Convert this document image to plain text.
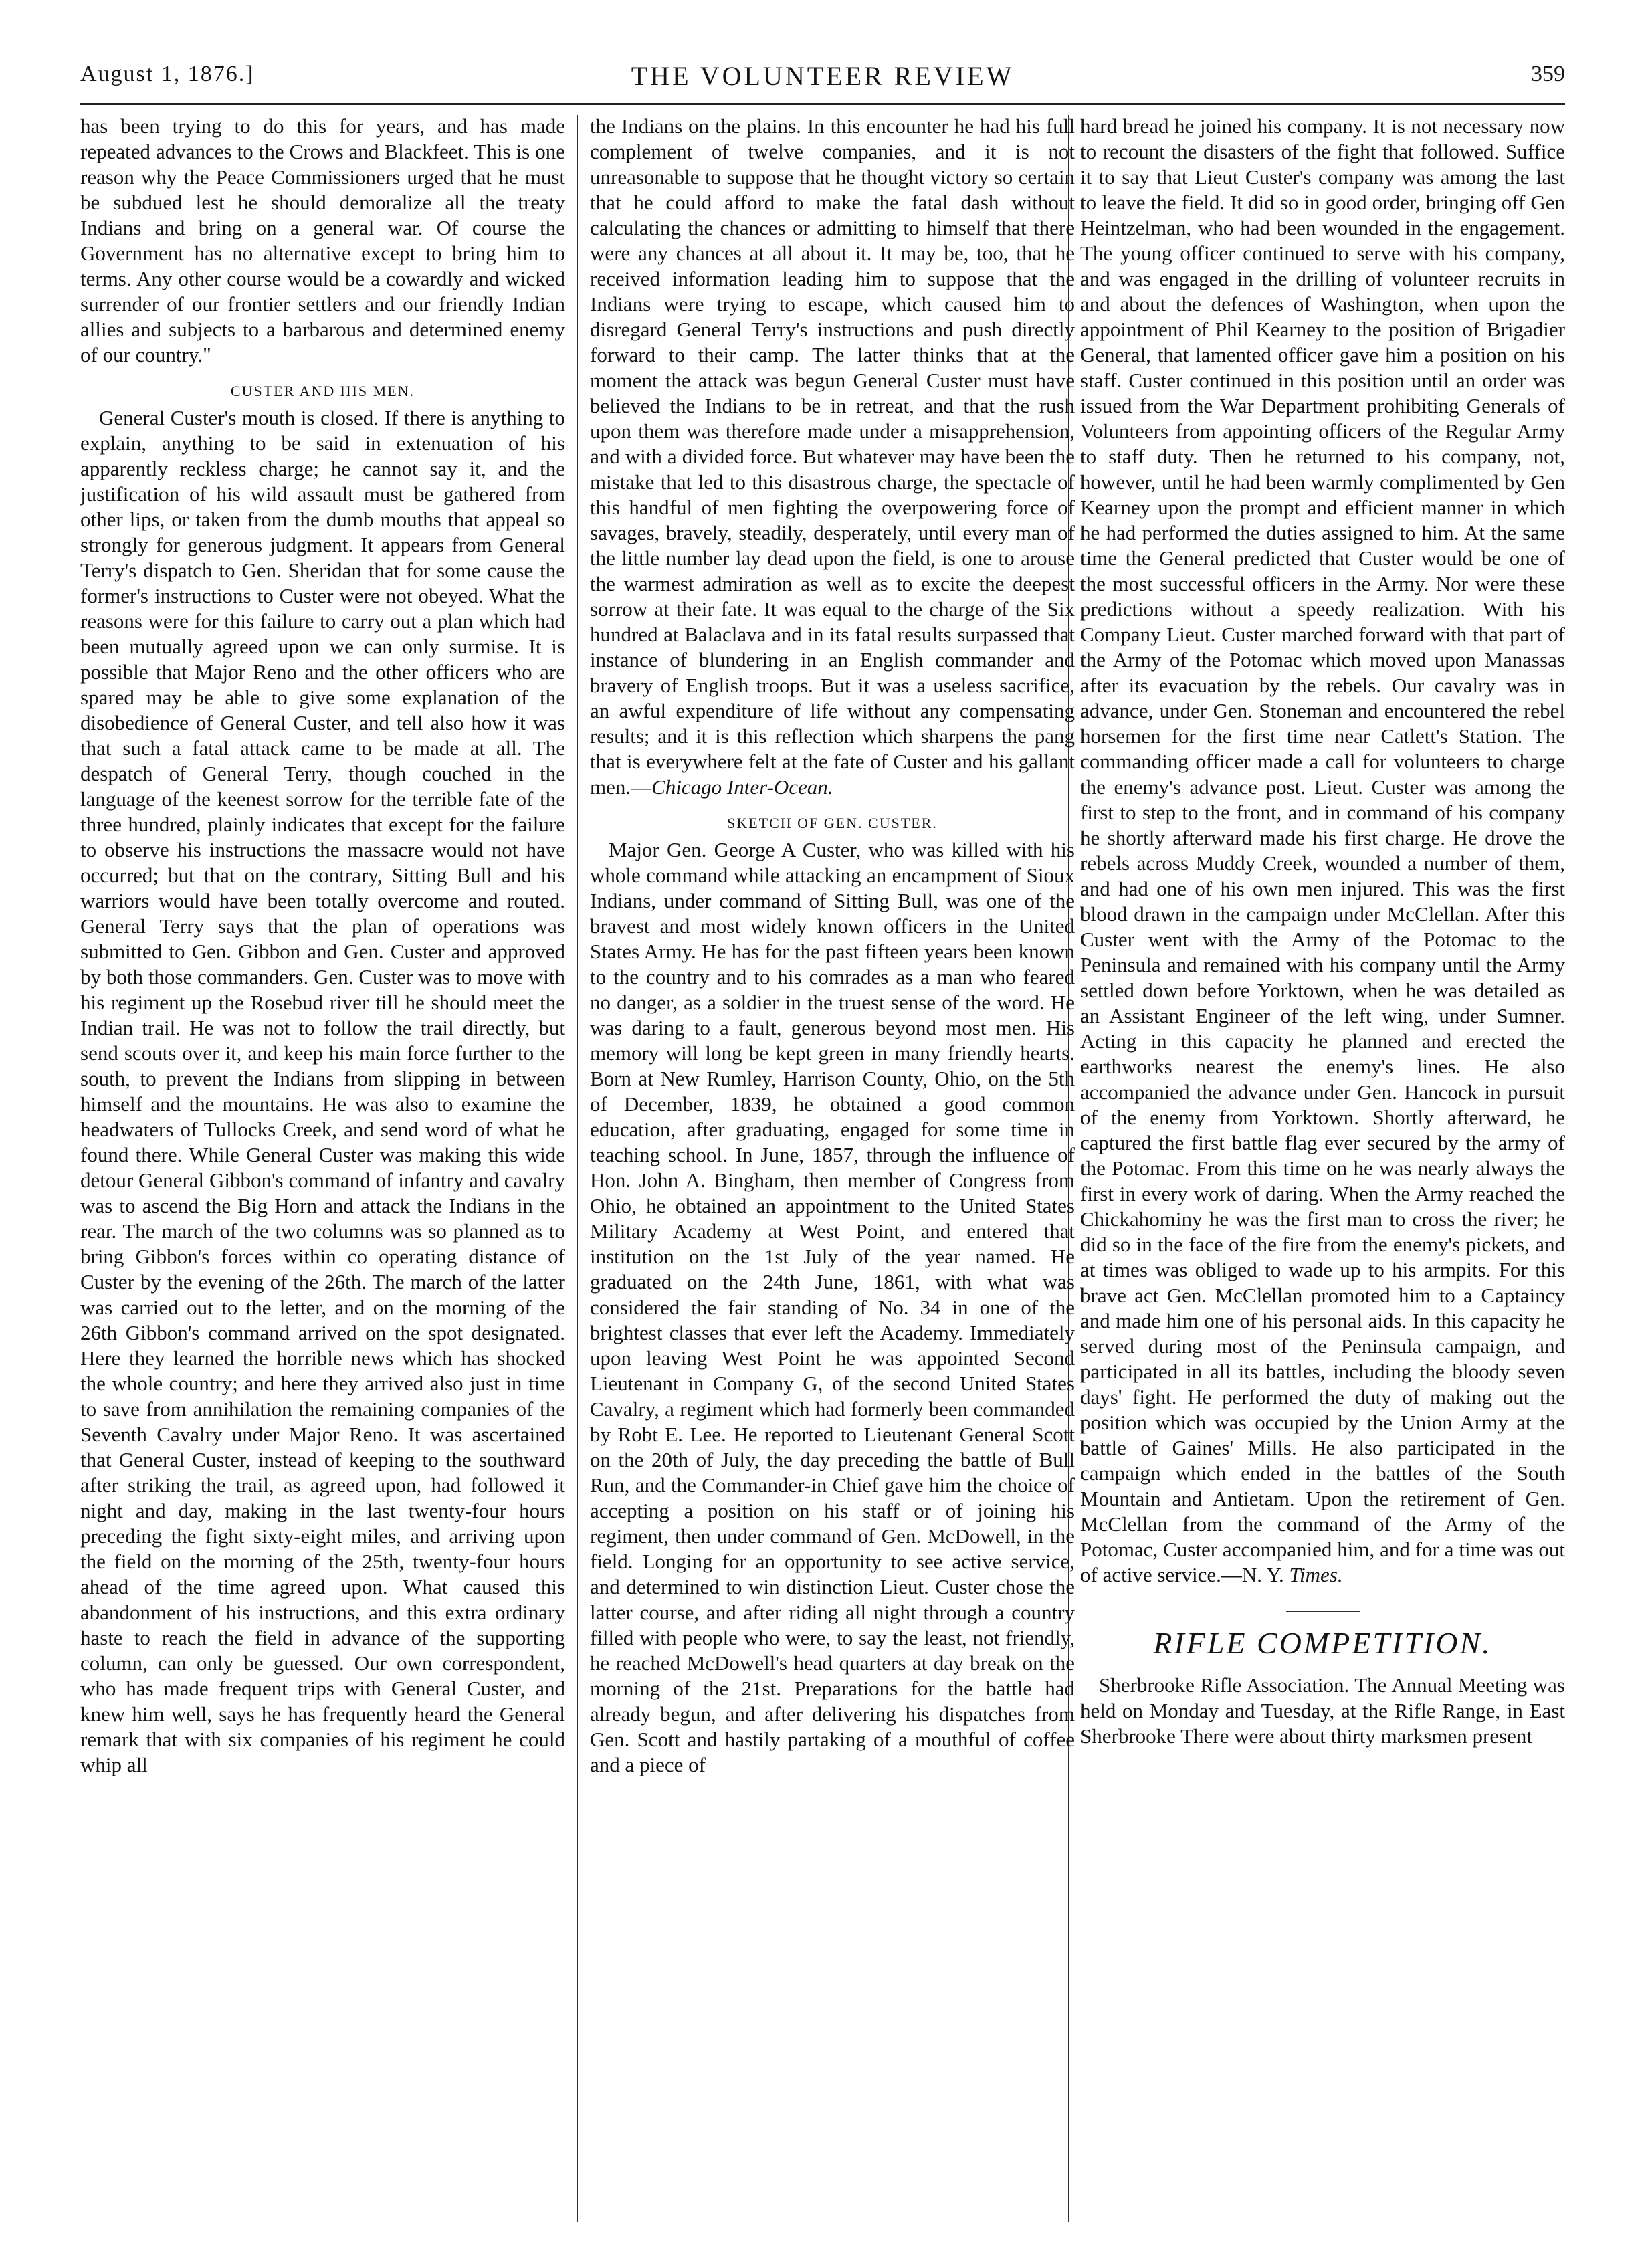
August 1, 1876.]	THE VOLUNTEER REVIEW	359

has been trying to do this for years, and has made repeated advances to the Crows and Blackfeet. This is one reason why the Peace Commissioners urged that he must be subdued lest he should demoralize all the treaty Indians and bring on a general war. Of course the Government has no alternative except to bring him to terms. Any other course would be a cowardly and wicked surrender of our frontier settlers and our friendly Indian allies and subjects to a barbarous and determined enemy of our country."

CUSTER AND HIS MEN.

General Custer's mouth is closed. If there is anything to explain, anything to be said in extenuation of his apparently reckless charge; he cannot say it, and the justification of his wild assault must be gathered from other lips, or taken from the dumb mouths that appeal so strongly for generous judgment. It appears from General Terry's dispatch to Gen. Sheridan that for some cause the former's instructions to Custer were not obeyed. What the reasons were for this failure to carry out a plan which had been mutually agreed upon we can only surmise. It is possible that Major Reno and the other officers who are spared may be able to give some explanation of the disobedience of General Custer, and tell also how it was that such a fatal attack came to be made at all. The despatch of General Terry, though couched in the language of the keenest sorrow for the terrible fate of the three hundred, plainly indicates that except for the failure to observe his instructions the massacre would not have occurred; but that on the contrary, Sitting Bull and his warriors would have been totally overcome and routed. General Terry says that the plan of operations was submitted to Gen. Gibbon and Gen. Custer and approved by both those commanders. Gen. Custer was to move with his regiment up the Rosebud river till he should meet the Indian trail. He was not to follow the trail directly, but send scouts over it, and keep his main force further to the south, to prevent the Indians from slipping in between himself and the mountains. He was also to examine the headwaters of Tullocks Creek, and send word of what he found there. While General Custer was making this wide detour General Gibbon's command of infantry and cavalry was to ascend the Big Horn and attack the Indians in the rear. The march of the two columns was so planned as to bring Gibbon's forces within co operating distance of Custer by the evening of the 26th. The march of the latter was carried out to the letter, and on the morning of the 26th Gibbon's command arrived on the spot designated. Here they learned the horrible news which has shocked the whole country; and here they arrived also just in time to save from annihilation the remaining companies of the Seventh Cavalry under Major Reno. It was ascertained that General Custer, instead of keeping to the southward after striking the trail, as agreed upon, had followed it night and day, making in the last twenty-four hours preceding the fight sixty-eight miles, and arriving upon the field on the morning of the 25th, twenty-four hours ahead of the time agreed upon. What caused this abandonment of his instructions, and this extra ordinary haste to reach the field in advance of the supporting column, can only be guessed. Our own correspondent, who has made frequent trips with General Custer, and knew him well, says he has frequently heard the General remark that with six companies of his regiment he could whip all

the Indians on the plains. In this encounter he had his full complement of twelve companies, and it is not unreasonable to suppose that he thought victory so certain that he could afford to make the fatal dash without calculating the chances or admitting to himself that there were any chances at all about it. It may be, too, that he received information leading him to suppose that the Indians were trying to escape, which caused him to disregard General Terry's instructions and push directly forward to their camp. The latter thinks that at the moment the attack was begun General Custer must have believed the Indians to be in retreat, and that the rush upon them was therefore made under a misapprehension, and with a divided force. But whatever may have been the mistake that led to this disastrous charge, the spectacle of this handful of men fighting the overpowering force of savages, bravely, steadily, desperately, until every man of the little number lay dead upon the field, is one to arouse the warmest admiration as well as to excite the deepest sorrow at their fate. It was equal to the charge of the Six hundred at Balaclava and in its fatal results surpassed that instance of blundering in an English commander and bravery of English troops. But it was a useless sacrifice, an awful expenditure of life without any compensating results; and it is this reflection which sharpens the pang that is everywhere felt at the fate of Custer and his gallant men.—Chicago Inter-Ocean.

SKETCH OF GEN. CUSTER.

Major Gen. George A Custer, who was killed with his whole command while attacking an encampment of Sioux Indians, under command of Sitting Bull, was one of the bravest and most widely known officers in the United States Army. He has for the past fifteen years been known to the country and to his comrades as a man who feared no danger, as a soldier in the truest sense of the word. He was daring to a fault, generous beyond most men. His memory will long be kept green in many friendly hearts. Born at New Rumley, Harrison County, Ohio, on the 5th of December, 1839, he obtained a good common education, after graduating, engaged for some time in teaching school. In June, 1857, through the influence of Hon. John A. Bingham, then member of Congress from Ohio, he obtained an appointment to the United States Military Academy at West Point, and entered that institution on the 1st July of the year named. He graduated on the 24th June, 1861, with what was considered the fair standing of No. 34 in one of the brightest classes that ever left the Academy. Immediately upon leaving West Point he was appointed Second Lieutenant in Company G, of the second United States Cavalry, a regiment which had formerly been commanded by Robt E. Lee. He reported to Lieutenant General Scott on the 20th of July, the day preceding the battle of Bull Run, and the Commander-in Chief gave him the choice of accepting a position on his staff or of joining his regiment, then under command of Gen. McDowell, in the field. Longing for an opportunity to see active service, and determined to win distinction Lieut. Custer chose the latter course, and after riding all night through a country filled with people who were, to say the least, not friendly, he reached McDowell's head quarters at day break on the morning of the 21st. Preparations for the battle had already begun, and after delivering his dispatches from Gen. Scott and hastily partaking of a mouthful of coffee and a piece of

hard bread he joined his company. It is not necessary now to recount the disasters of the fight that followed. Suffice it to say that Lieut Custer's company was among the last to leave the field. It did so in good order, bringing off Gen Heintzelman, who had been wounded in the engagement. The young officer continued to serve with his company, and was engaged in the drilling of volunteer recruits in and about the defences of Washington, when upon the appointment of Phil Kearney to the position of Brigadier General, that lamented officer gave him a position on his staff. Custer continued in this position until an order was issued from the War Department prohibiting Generals of Volunteers from appointing officers of the Regular Army to staff duty. Then he returned to his company, not, however, until he had been warmly complimented by Gen Kearney upon the prompt and efficient manner in which he had performed the duties assigned to him. At the same time the General predicted that Custer would be one of the most successful officers in the Army. Nor were these predictions without a speedy realization. With his Company Lieut. Custer marched forward with that part of the Army of the Potomac which moved upon Manassas after its evacuation by the rebels. Our cavalry was in advance, under Gen. Stoneman and encountered the rebel horsemen for the first time near Catlett's Station. The commanding officer made a call for volunteers to charge the enemy's advance post. Lieut. Custer was among the first to step to the front, and in command of his company he shortly afterward made his first charge. He drove the rebels across Muddy Creek, wounded a number of them, and had one of his own men injured. This was the first blood drawn in the campaign under McClellan. After this Custer went with the Army of the Potomac to the Peninsula and remained with his company until the Army settled down before Yorktown, when he was detailed as an Assistant Engineer of the left wing, under Sumner. Acting in this capacity he planned and erected the earthworks nearest the enemy's lines. He also accompanied the advance under Gen. Hancock in pursuit of the enemy from Yorktown. Shortly afterward, he captured the first battle flag ever secured by the army of the Potomac. From this time on he was nearly always the first in every work of daring. When the Army reached the Chickahominy he was the first man to cross the river; he did so in the face of the fire from the enemy's pickets, and at times was obliged to wade up to his armpits. For this brave act Gen. McClellan promoted him to a Captaincy and made him one of his personal aids. In this capacity he served during most of the Peninsula campaign, and participated in all its battles, including the bloody seven days' fight. He performed the duty of making out the position which was occupied by the Union Army at the battle of Gaines' Mills. He also participated in the campaign which ended in the battles of the South Mountain and Antietam. Upon the retirement of Gen. McClellan from the command of the Army of the Potomac, Custer accompanied him, and for a time was out of active service.—N. Y. Times.

RIFLE COMPETITION.

Sherbrooke Rifle Association. The Annual Meeting was held on Monday and Tuesday, at the Rifle Range, in East Sherbrooke There were about thirty marksmen present
